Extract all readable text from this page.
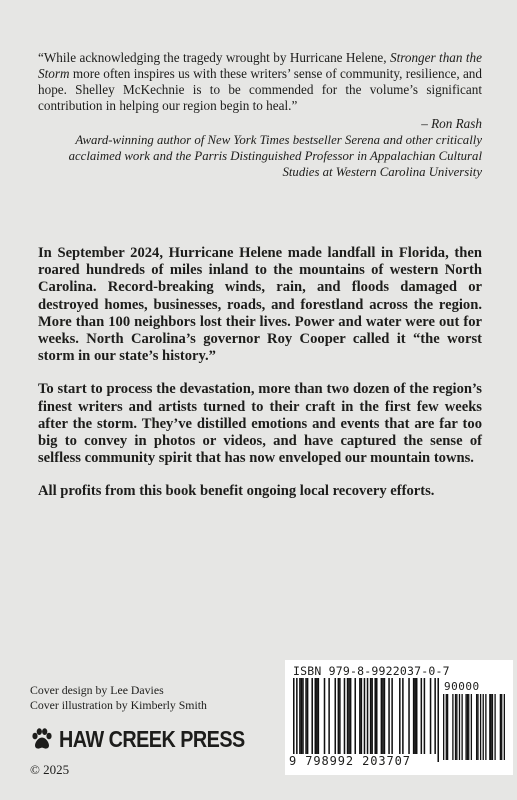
“While acknowledging the tragedy wrought by Hurricane Helene, Stronger than the Storm more often inspires us with these writers’ sense of community, resilience, and hope. Shelley McKechnie is to be commended for the volume’s significant contribution in helping our region begin to heal.”

– Ron Rash

Award-winning author of New York Times bestseller Serena and other critically acclaimed work and the Parris Distinguished Professor in Appalachian Cultural Studies at Western Carolina University

In September 2024, Hurricane Helene made landfall in Florida, then roared hundreds of miles inland to the mountains of western North Carolina. Record-breaking winds, rain, and floods damaged or destroyed homes, businesses, roads, and forestland across the region. More than 100 neighbors lost their lives. Power and water were out for weeks. North Carolina’s governor Roy Cooper called it “the worst storm in our state’s history.”

To start to process the devastation, more than two dozen of the region’s finest writers and artists turned to their craft in the first few weeks after the storm. They’ve distilled emotions and events that are far too big to convey in photos or videos, and have captured the sense of selfless community spirit that has now enveloped our mountain towns.

All profits from this book benefit ongoing local recovery efforts.

Cover design by Lee Davies
Cover illustration by Kimberly Smith
HAW CREEK PRESS
© 2025
ISBN 979-8-9922037-0-7
90000
9 798992 203707
